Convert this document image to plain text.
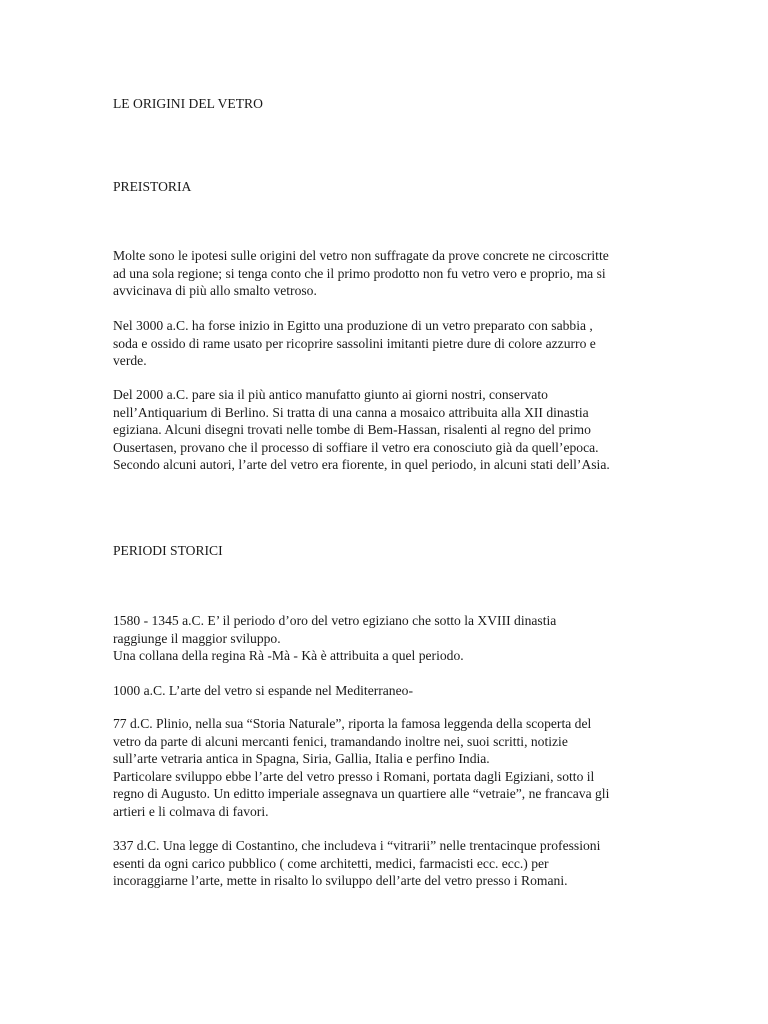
LE ORIGINI DEL VETRO
PREISTORIA

Molte sono le ipotesi sulle origini del vetro non suffragate da prove concrete ne circoscritte
ad una sola regione; si tenga conto che il primo prodotto non fu vetro vero e proprio, ma si
avvicinava di più allo smalto vetroso.

Nel 3000 a.C. ha forse inizio in Egitto una produzione di un vetro preparato con sabbia ,
soda e ossido di rame usato per ricoprire sassolini imitanti pietre dure di colore azzurro e
verde.

Del 2000 a.C. pare sia il più antico manufatto giunto ai giorni nostri, conservato
nell’Antiquarium di Berlino. Si tratta di una canna a mosaico attribuita alla XII dinastia
egiziana. Alcuni disegni trovati nelle tombe di Bem-Hassan, risalenti al regno del primo
Ousertasen, provano che il processo di soffiare il vetro era conosciuto già da quell’epoca.
Secondo alcuni autori, l’arte del vetro era fiorente, in quel periodo, in alcuni stati dell’Asia.

PERIODI STORICI

1580 - 1345 a.C. E’ il periodo d’oro del vetro egiziano che sotto la XVIII dinastia
raggiunge il maggior sviluppo.
Una collana della regina Rà -Mà - Kà è attribuita a quel periodo.

1000 a.C. L’arte del vetro si espande nel Mediterraneo-

77 d.C. Plinio, nella sua “Storia Naturale”, riporta la famosa leggenda della scoperta del
vetro da parte di alcuni mercanti fenici, tramandando inoltre nei, suoi scritti, notizie
sull’arte vetraria antica in Spagna, Siria, Gallia, Italia e perfino India.
Particolare sviluppo ebbe l’arte del vetro presso i Romani, portata dagli Egiziani, sotto il
regno di Augusto. Un editto imperiale assegnava un quartiere alle “vetraie”, ne francava gli
artieri e li colmava di favori.

337 d.C. Una legge di Costantino, che includeva i “vitrarii” nelle trentacinque professioni
esenti da ogni carico pubblico ( come architetti, medici, farmacisti ecc. ecc.) per
incoraggiarne l’arte, mette in risalto lo sviluppo dell’arte del vetro presso i Romani.
